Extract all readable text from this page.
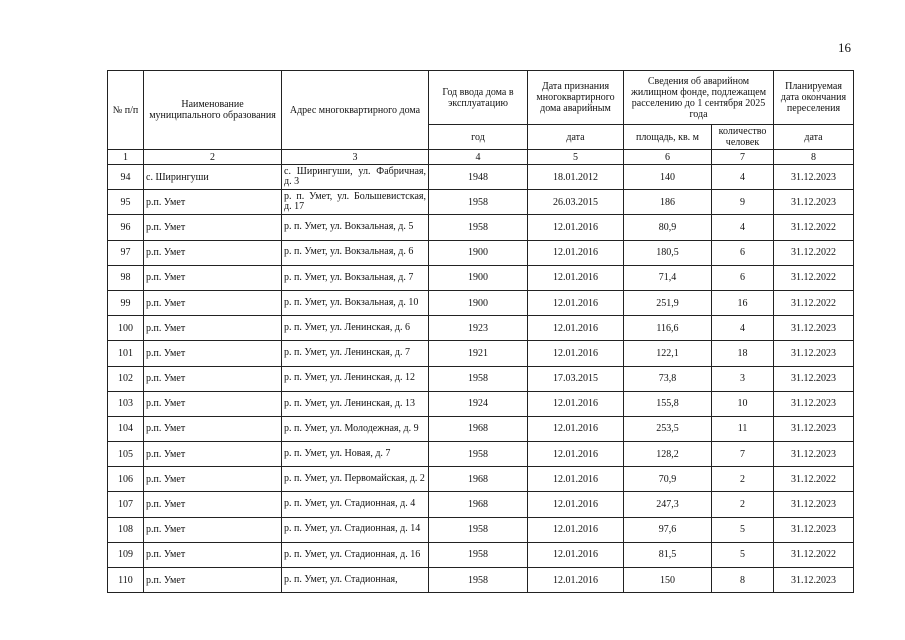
16
№ п/п	Наименование муниципального образования	Адрес многоквартирного дома	Год ввода дома в эксплуатацию	Дата признания многоквартирного дома аварийным	Сведения об аварийном жилищном фонде, подлежащем расселению до 1 сентября 2025 года		Планируемая дата окончания переселения
			год	дата	площадь, кв. м	количество человек	дата
1	2	3	4	5	6	7	8
94	с. Ширингуши	с. Ширингуши, ул. Фабричная, д. 3	1948	18.01.2012	140	4	31.12.2023
95	р.п. Умет	р. п. Умет, ул. Большевистская, д. 17	1958	26.03.2015	186	9	31.12.2023
96	р.п. Умет	р. п. Умет, ул. Вокзальная, д. 5	1958	12.01.2016	80,9	4	31.12.2022
97	р.п. Умет	р. п. Умет, ул. Вокзальная, д. 6	1900	12.01.2016	180,5	6	31.12.2022
98	р.п. Умет	р. п. Умет, ул. Вокзальная, д. 7	1900	12.01.2016	71,4	6	31.12.2022
99	р.п. Умет	р. п. Умет, ул. Вокзальная, д. 10	1900	12.01.2016	251,9	16	31.12.2022
100	р.п. Умет	р. п. Умет, ул. Ленинская, д. 6	1923	12.01.2016	116,6	4	31.12.2023
101	р.п. Умет	р. п. Умет, ул. Ленинская, д. 7	1921	12.01.2016	122,1	18	31.12.2023
102	р.п. Умет	р. п. Умет, ул. Ленинская, д. 12	1958	17.03.2015	73,8	3	31.12.2023
103	р.п. Умет	р. п. Умет, ул. Ленинская, д. 13	1924	12.01.2016	155,8	10	31.12.2023
104	р.п. Умет	р. п. Умет, ул. Молодежная, д. 9	1968	12.01.2016	253,5	11	31.12.2023
105	р.п. Умет	р. п. Умет, ул. Новая, д. 7	1958	12.01.2016	128,2	7	31.12.2023
106	р.п. Умет	р. п. Умет, ул. Первомайская, д. 2	1968	12.01.2016	70,9	2	31.12.2022
107	р.п. Умет	р. п. Умет, ул. Стадионная, д. 4	1968	12.01.2016	247,3	2	31.12.2023
108	р.п. Умет	р. п. Умет, ул. Стадионная, д. 14	1958	12.01.2016	97,6	5	31.12.2023
109	р.п. Умет	р. п. Умет, ул. Стадионная, д. 16	1958	12.01.2016	81,5	5	31.12.2022
110	р.п. Умет	р. п. Умет, ул. Стадионная,	1958	12.01.2016	150	8	31.12.2023
